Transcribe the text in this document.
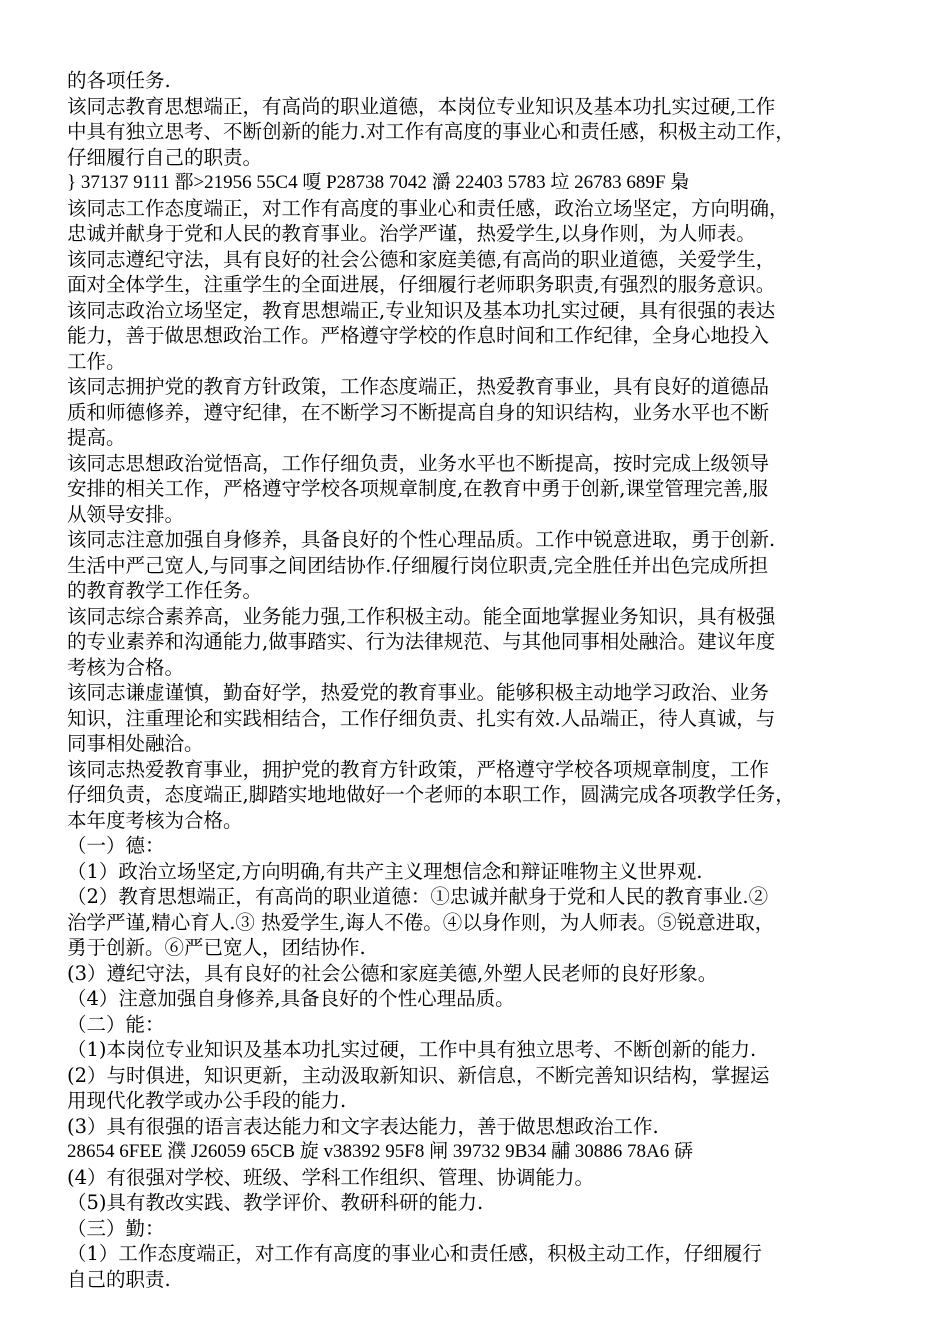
的各项任务.
该同志教育思想端正，有高尚的职业道德，本岗位专业知识及基本功扎实过硬,工作
中具有独立思考、不断创新的能力.对工作有高度的事业心和责任感，积极主动工作，
仔细履行自己的职责。
} 37137 9111 鄑>21956 55C4 嗄 P28738 7042 灂 22403 5783 垃 26783 689F 梟
该同志工作态度端正，对工作有高度的事业心和责任感，政治立场坚定，方向明确，
忠诚并献身于党和人民的教育事业。治学严谨，热爱学生,以身作则，为人师表。
该同志遵纪守法，具有良好的社会公德和家庭美德,有高尚的职业道德，关爱学生，
面对全体学生，注重学生的全面进展，仔细履行老师职务职责,有强烈的服务意识。
该同志政治立场坚定，教育思想端正,专业知识及基本功扎实过硬，具有很强的表达
能力，善于做思想政治工作。严格遵守学校的作息时间和工作纪律，全身心地投入
工作。
该同志拥护党的教育方针政策，工作态度端正，热爱教育事业，具有良好的道德品
质和师德修养，遵守纪律，在不断学习不断提高自身的知识结构，业务水平也不断
提高。
该同志思想政治觉悟高，工作仔细负责，业务水平也不断提高，按时完成上级领导
安排的相关工作，严格遵守学校各项规章制度,在教育中勇于创新,课堂管理完善,服
从领导安排。
该同志注意加强自身修养，具备良好的个性心理品质。工作中锐意进取，勇于创新.
生活中严己宽人,与同事之间团结协作.仔细履行岗位职责,完全胜任并出色完成所担
的教育教学工作任务。
该同志综合素养高，业务能力强,工作积极主动。能全面地掌握业务知识，具有极强
的专业素养和沟通能力,做事踏实、行为法律规范、与其他同事相处融洽。建议年度
考核为合格。
该同志谦虚谨慎，勤奋好学，热爱党的教育事业。能够积极主动地学习政治、业务
知识，注重理论和实践相结合，工作仔细负责、扎实有效.人品端正，待人真诚，与
同事相处融洽。
该同志热爱教育事业，拥护党的教育方针政策，严格遵守学校各项规章制度，工作
仔细负责，态度端正,脚踏实地地做好一个老师的本职工作，圆满完成各项教学任务，
本年度考核为合格。
（一）德：
（1）政治立场坚定,方向明确,有共产主义理想信念和辩证唯物主义世界观.
（2）教育思想端正，有高尚的职业道德：①忠诚并献身于党和人民的教育事业.②
治学严谨,精心育人.③ 热爱学生,诲人不倦。④以身作则，为人师表。⑤锐意进取，
勇于创新。⑥严已宽人，团结协作.
(3）遵纪守法，具有良好的社会公德和家庭美德,外塑人民老师的良好形象。
（4）注意加强自身修养,具备良好的个性心理品质。
（二）能：
（1)本岗位专业知识及基本功扎实过硬，工作中具有独立思考、不断创新的能力.
(2）与时俱进，知识更新，主动汲取新知识、新信息，不断完善知识结构，掌握运
用现代化教学或办公手段的能力.
(3）具有很强的语言表达能力和文字表达能力，善于做思想政治工作.
28654 6FEE 濮 J26059 65CB 旋 v38392 95F8 闸 39732 9B34 鬴 30886 78A6 硦
(4）有很强对学校、班级、学科工作组织、管理、协调能力。
（5)具有教改实践、教学评价、教研科研的能力.
（三）勤：
（1）工作态度端正，对工作有高度的事业心和责任感，积极主动工作，仔细履行
自己的职责.
